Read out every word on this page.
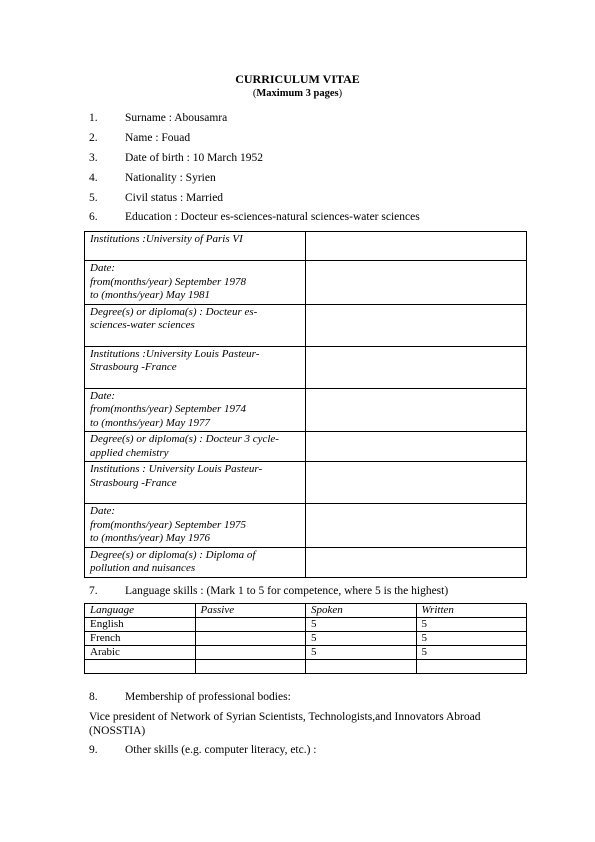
CURRICULUM VITAE
(Maximum 3 pages)
1. Surname : Abousamra
2. Name : Fouad
3. Date of birth : 10 March 1952
4. Nationality : Syrien
5. Civil status : Married
6. Education : Docteur es-sciences-natural sciences-water sciences
Institutions :University of Paris VI	
Date:
from(months/year) September 1978
to (months/year) May 1981	
Degree(s) or diploma(s) : Docteur es-
sciences-water sciences	
Institutions :University Louis Pasteur-
Strasbourg -France	
Date:
from(months/year) September 1974
to (months/year) May 1977	
Degree(s) or diploma(s) : Docteur 3 cycle-
applied chemistry	
Institutions : University Louis Pasteur-
Strasbourg -France	
Date:
from(months/year) September 1975
to (months/year) May 1976	
Degree(s) or diploma(s) : Diploma of
pollution and nuisances	
7. Language skills : (Mark 1 to 5 for competence, where 5 is the highest)
Language	Passive	Spoken	Written
English		5	5
French		5	5
Arabic		5	5

8. Membership of professional bodies:
Vice president of Network of Syrian Scientists, Technologists,and Innovators Abroad (NOSSTIA)
9. Other skills (e.g. computer literacy, etc.) :
